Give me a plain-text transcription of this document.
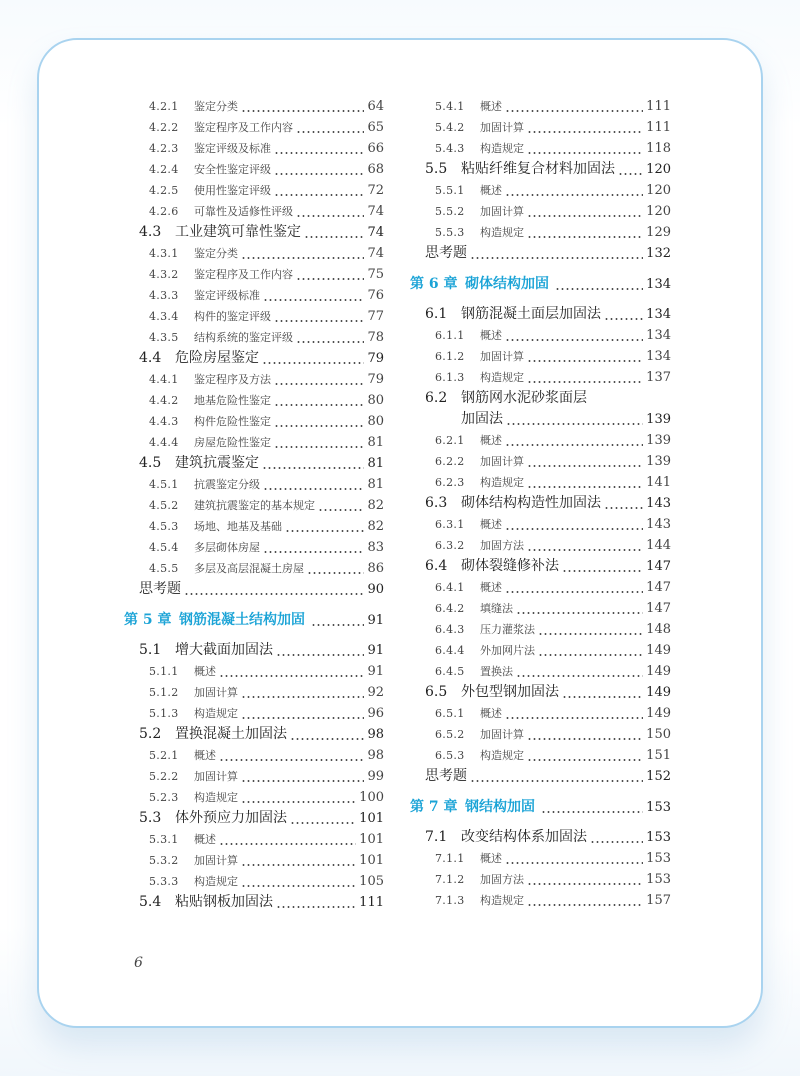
4.2.1	鉴定分类	64
4.2.2	鉴定程序及工作内容	65
4.2.3	鉴定评级及标准	66
4.2.4	安全性鉴定评级	68
4.2.5	使用性鉴定评级	72
4.2.6	可靠性及适修性评级	74
4.3 工业建筑可靠性鉴定	74
4.3.1	鉴定分类	74
4.3.2	鉴定程序及工作内容	75
4.3.3	鉴定评级标准	76
4.3.4	构件的鉴定评级	77
4.3.5	结构系统的鉴定评级	78
4.4 危险房屋鉴定	79
4.4.1	鉴定程序及方法	79
4.4.2	地基危险性鉴定	80
4.4.3	构件危险性鉴定	80
4.4.4	房屋危险性鉴定	81
4.5 建筑抗震鉴定	81
4.5.1	抗震鉴定分级	81
4.5.2	建筑抗震鉴定的基本规定	82
4.5.3	场地、地基及基础	82
4.5.4	多层砌体房屋	83
4.5.5	多层及高层混凝土房屋	86
思考题	90
第 5 章 钢筋混凝土结构加固	91
5.1 增大截面加固法	91
5.1.1	概述	91
5.1.2	加固计算	92
5.1.3	构造规定	96
5.2 置换混凝土加固法	98
5.2.1	概述	98
5.2.2	加固计算	99
5.2.3	构造规定	100
5.3 体外预应力加固法	101
5.3.1	概述	101
5.3.2	加固计算	101
5.3.3	构造规定	105
5.4 粘贴钢板加固法	111
5.4.1	概述	111
5.4.2	加固计算	111
5.4.3	构造规定	118
5.5 粘贴纤维复合材料加固法 120
5.5.1	概述	120
5.5.2	加固计算	120
5.5.3	构造规定	129
思考题	132
第 6 章 砌体结构加固	134
6.1 钢筋混凝土面层加固法	134
6.1.1	概述	134
6.1.2	加固计算	134
6.1.3	构造规定	137
6.2 钢筋网水泥砂浆面层
加固法	139
6.2.1	概述	139
6.2.2	加固计算	139
6.2.3	构造规定	141
6.3 砌体结构构造性加固法	143
6.3.1	概述	143
6.3.2	加固方法	144
6.4 砌体裂缝修补法	147
6.4.1	概述	147
6.4.2	填缝法	147
6.4.3	压力灌浆法	148
6.4.4	外加网片法	149
6.4.5	置换法	149
6.5 外包型钢加固法	149
6.5.1	概述	149
6.5.2	加固计算	150
6.5.3	构造规定	151
思考题	152
第 7 章 钢结构加固	153
7.1 改变结构体系加固法	153
7.1.1	概述	153
7.1.2	加固方法	153
7.1.3	构造规定	157
6
